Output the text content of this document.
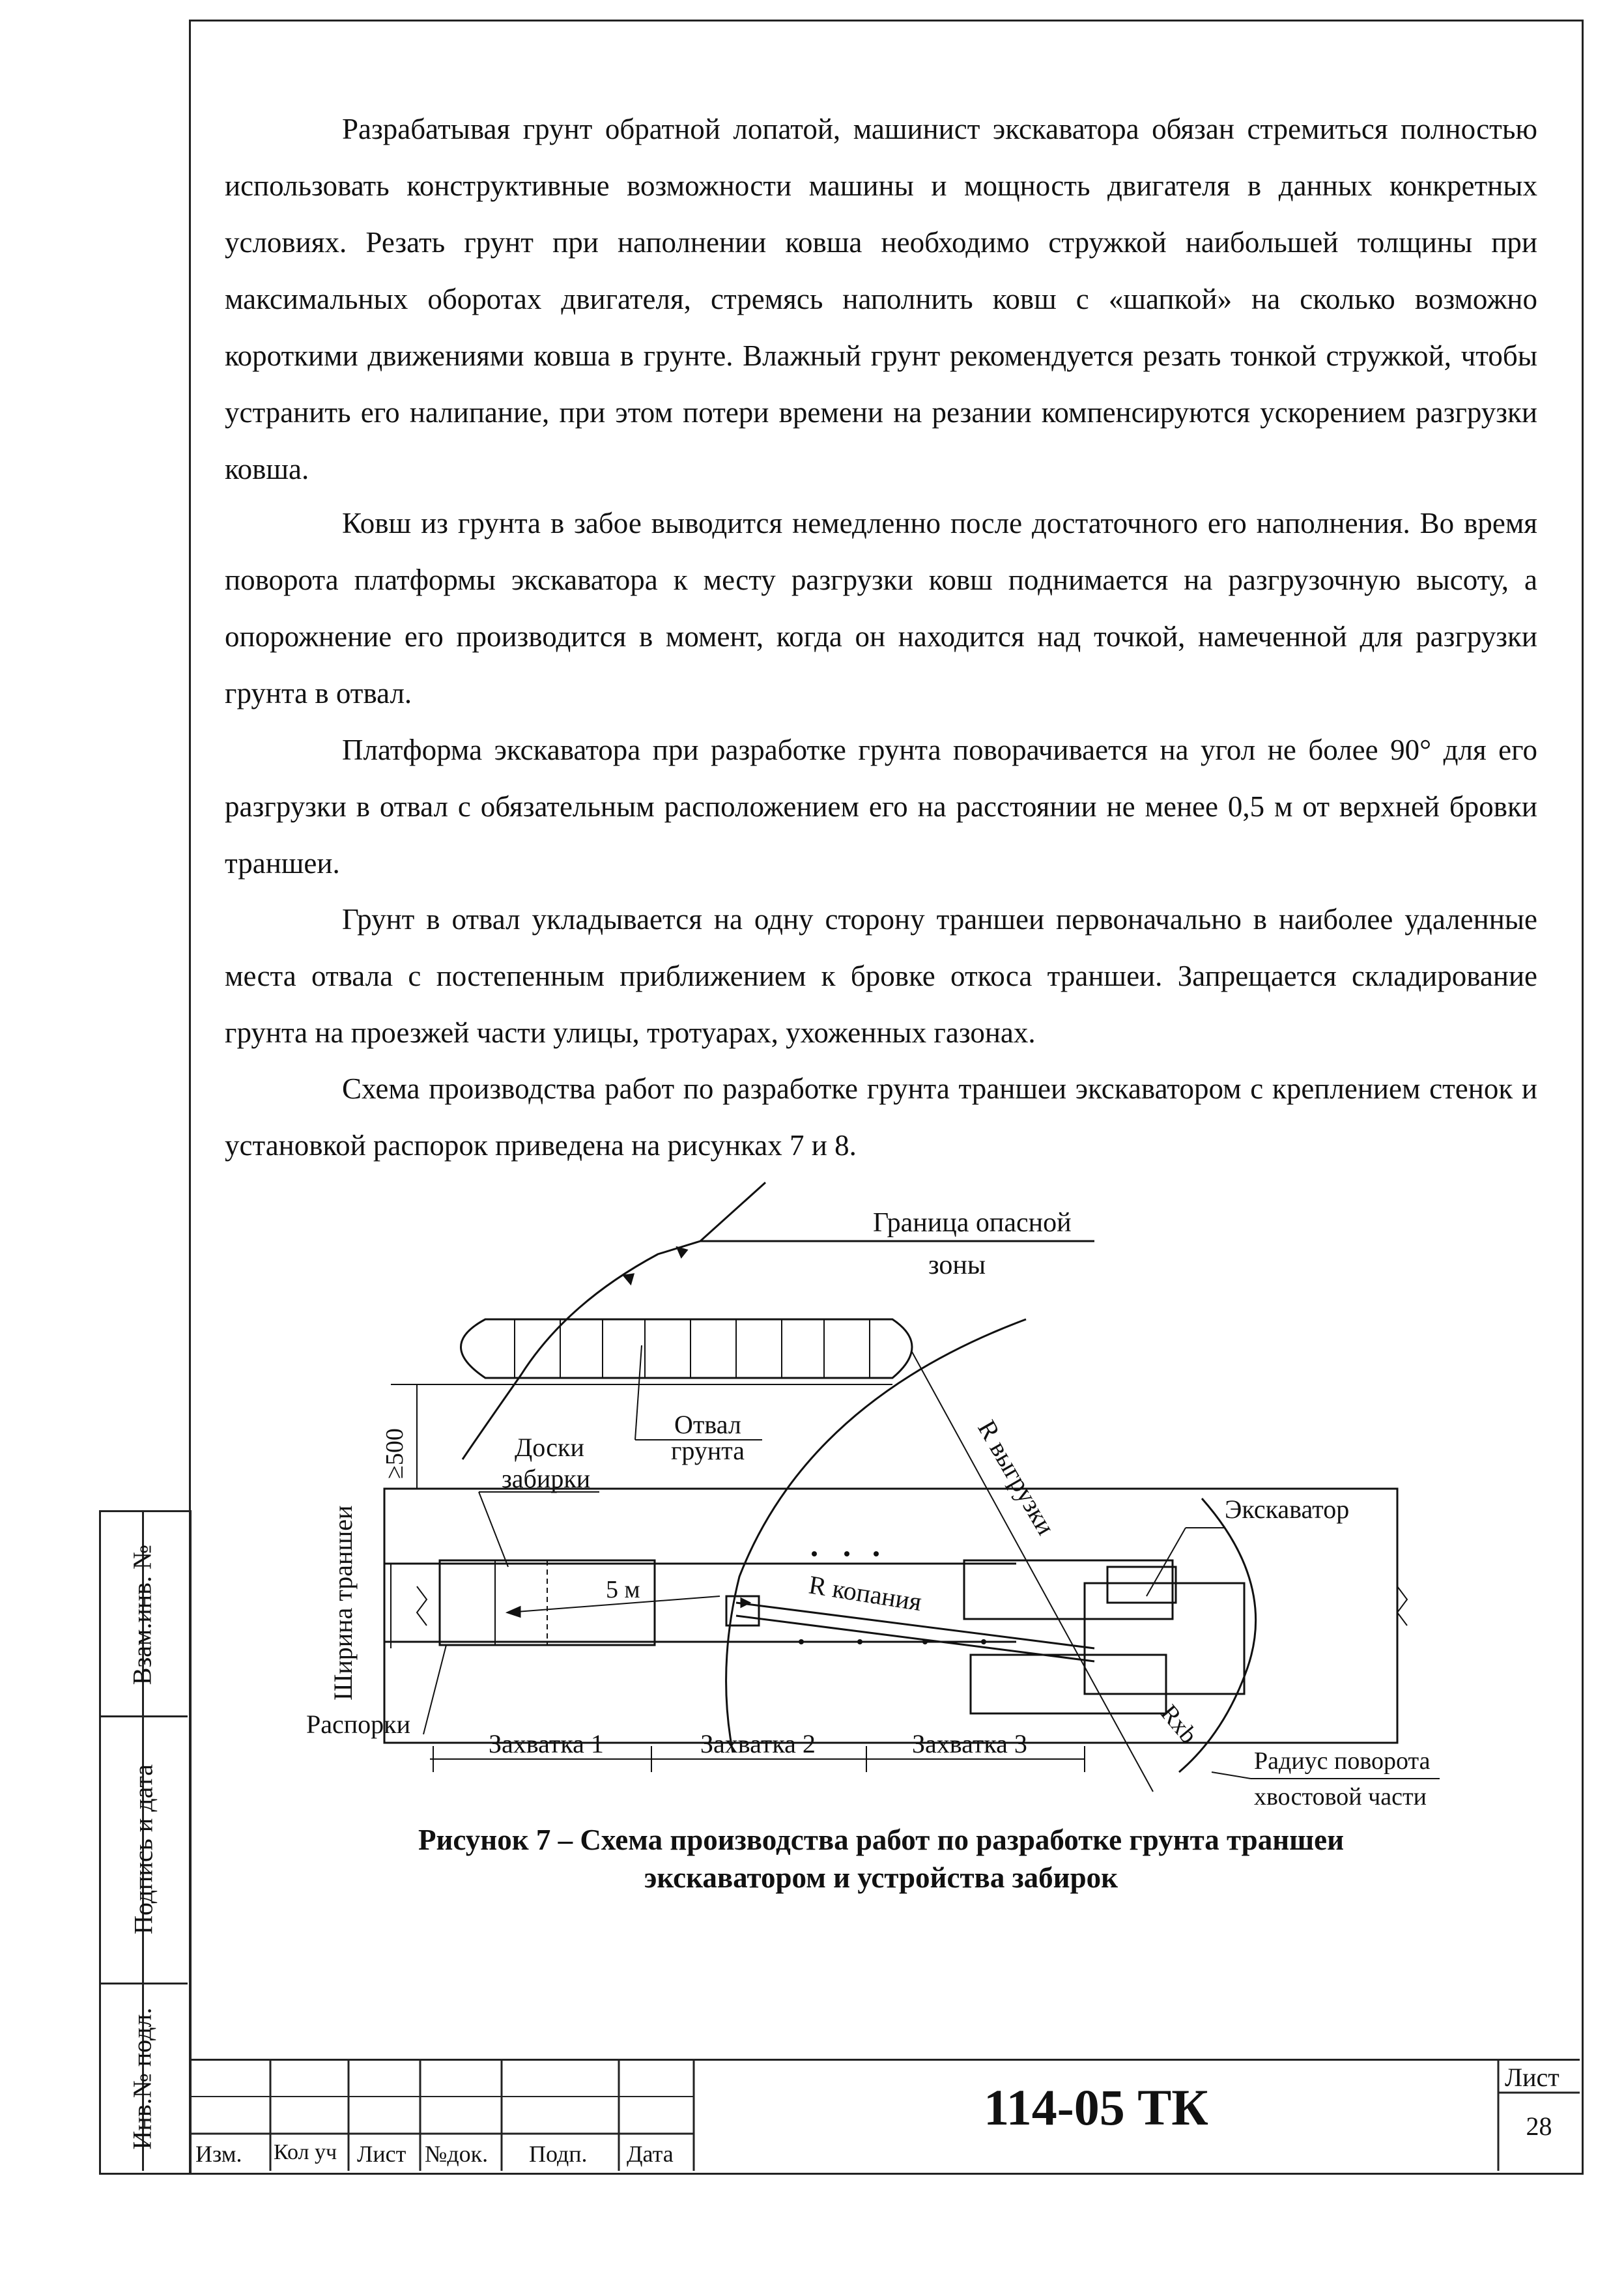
Взам.инв. №
Подпись и дата
Инв.№ подл.

Разрабатывая грунт обратной лопатой, машинист экскаватора обязан стремиться полностью использовать конструктивные возможности машины и мощность двигателя в данных конкретных условиях. Резать грунт при наполнении ковша необходимо стружкой наибольшей толщины при максимальных оборотах двигателя, стремясь наполнить ковш с «шапкой» на сколько возможно короткими движениями ковша в грунте. Влажный грунт рекомендуется резать тонкой стружкой, чтобы устранить его налипание, при этом потери времени на резании компенсируются ускорением разгрузки ковша.

Ковш из грунта в забое выводится немедленно после достаточного его наполнения. Во время поворота платформы экскаватора к месту разгрузки ковш поднимается на разгрузочную высоту, а опорожнение его производится в момент, когда он находится над точкой, намеченной для разгрузки грунта в отвал.

Платформа экскаватора при разработке грунта поворачивается на угол не более 90° для его разгрузки в отвал с обязательным расположением его на расстоянии не менее 0,5 м от верхней бровки траншеи.

Грунт в отвал укладывается на одну сторону траншеи первоначально в наиболее удаленные места отвала с постепенным приближением к бровке откоса траншеи. Запрещается складирование грунта на проезжей части улицы, тротуарах, ухоженных газонах.

Схема производства работ по разработке грунта траншеи экскаватором с креплением стенок и установкой распорок приведена на рисунках 7 и 8.

Граница опасной
зоны
Доски
забирки
Отвал
грунта
≥500
Ширина траншеи
Распорки
R выгрузки	Экскаватор
R копания
5 м
Rxb
Радиус поворота
хвостовой части
Захватка 1	Захватка 2	Захватка 3
Рисунок 7 – Схема производства работ по разработке грунта траншеи
экскаватором и устройства забирок
Изм. Кол уч Лист №док. Подп. Дата
114-05 ТК
Лист
28
